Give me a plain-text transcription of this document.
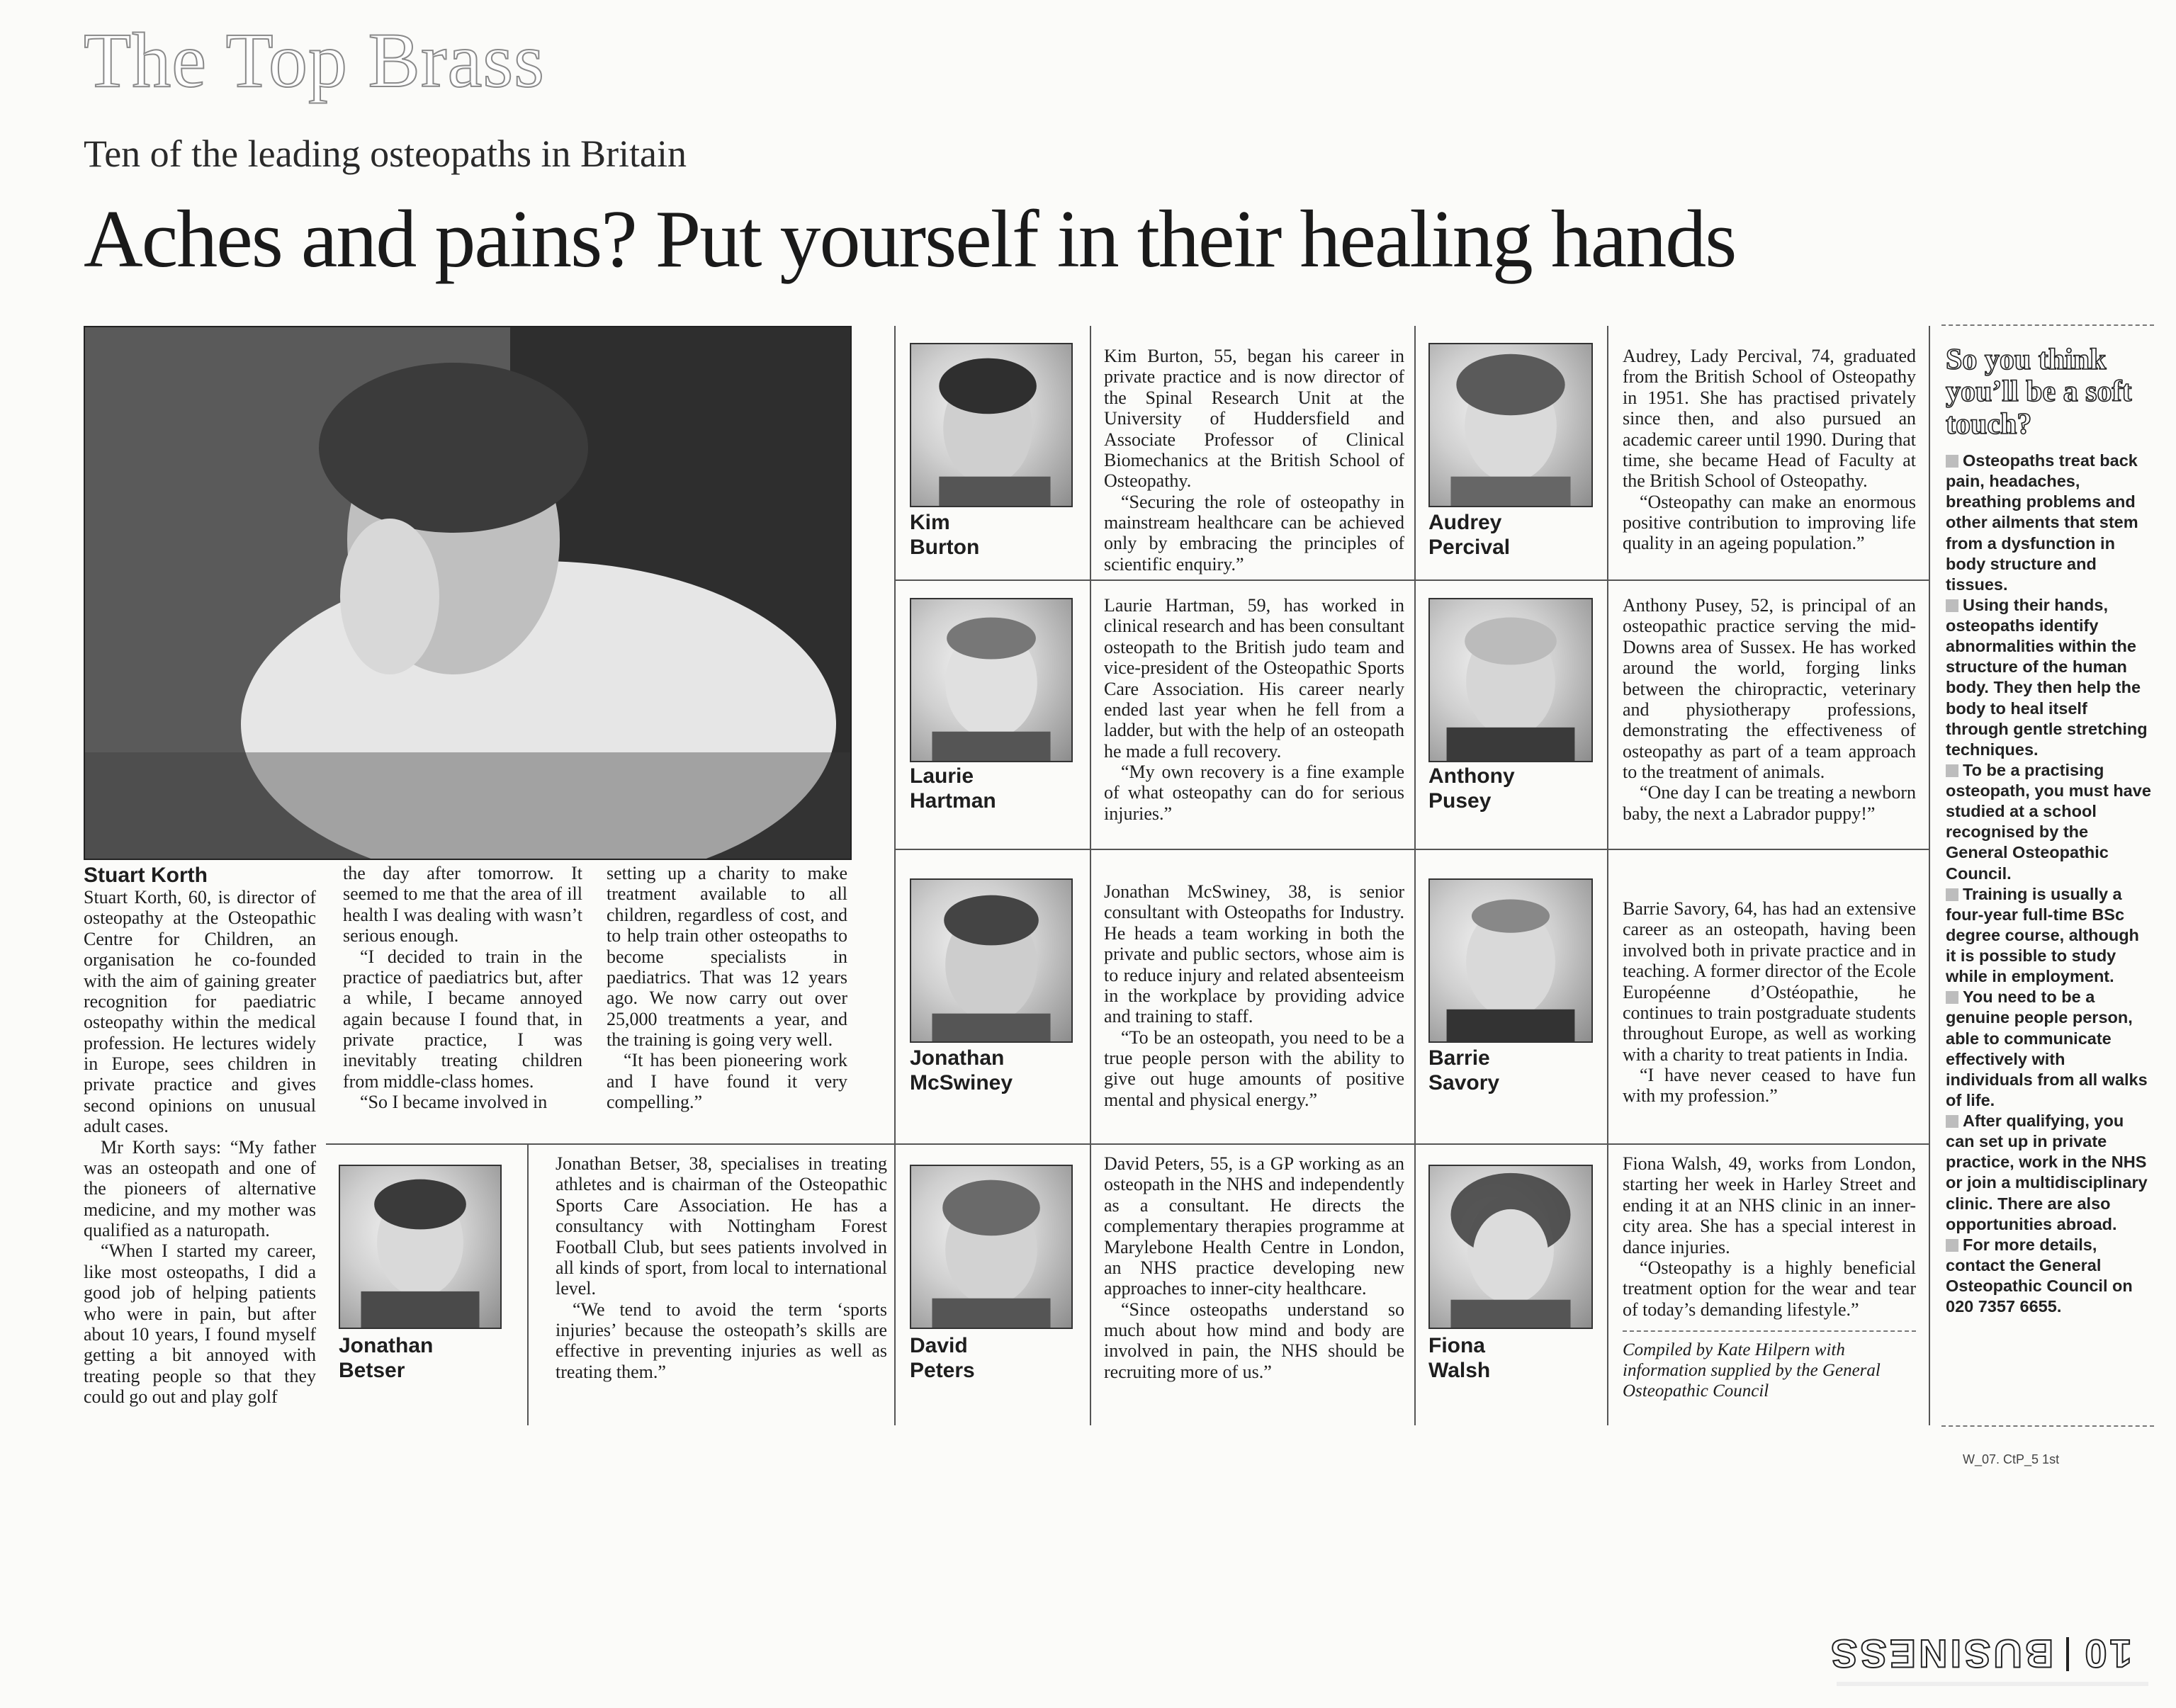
The Top Brass
Ten of the leading osteopaths in Britain
Aches and pains? Put yourself in their healing hands
Stuart Korth

Stuart Korth, 60, is director of osteopathy at the Osteopathic Centre for Children, an organisation he co-founded with the aim of gaining greater recognition for paediatric osteopathy within the medical profession. He lectures widely in Europe, sees children in private practice and gives second opinions on unusual adult cases.

Mr Korth says: “My father was an osteopath and one of the pioneers of alternative medicine, and my mother was qualified as a naturopath.

“When I started my career, like most osteopaths, I did a good job of helping patients who were in pain, but after about 10 years, I found myself getting a bit annoyed with treating people so that they could go out and play golf

the day after tomorrow. It seemed to me that the area of ill health I was dealing with wasn’t serious enough.

“I decided to train in the practice of paediatrics but, after a while, I became annoyed again because I found that, in private practice, I was inevitably treating children from middle-class homes.

“So I became involved in

setting up a charity to make treatment available to all children, regardless of cost, and to help train other osteopaths to become specialists in paediatrics. That was 12 years ago. We now carry out over 25,000 treatments a year, and the training is going very well.

“It has been pioneering work and I have found it very compelling.”

Jonathan
Betser

Jonathan Betser, 38, specialises in treating athletes and is chairman of the Osteopathic Sports Care Association. He has a consultancy with Nottingham Forest Football Club, but sees patients involved in all kinds of sport, from local to international level.

“We tend to avoid the term ‘sports injuries’ because the osteopath’s skills are effective in preventing injuries as well as treating them.”

Kim
Burton

Kim Burton, 55, began his career in private practice and is now director of the Spinal Research Unit at the University of Huddersfield and Associate Professor of Clinical Biomechanics at the British School of Osteopathy.

“Securing the role of osteopathy in mainstream healthcare can be achieved only by embracing the principles of scientific enquiry.”

Audrey
Percival

Audrey, Lady Percival, 74, graduated from the British School of Osteopathy in 1951. She has practised privately since then, and also pursued an academic career until 1990. During that time, she became Head of Faculty at the British School of Osteopathy.

“Osteopathy can make an enormous positive contribution to improving life quality in an ageing population.”

Laurie
Hartman

Laurie Hartman, 59, has worked in clinical research and has been consultant osteopath to the British judo team and vice-president of the Osteopathic Sports Care Association. His career nearly ended last year when he fell from a ladder, but with the help of an osteopath he made a full recovery.

“My own recovery is a fine example of what osteopathy can do for serious injuries.”

Anthony
Pusey

Anthony Pusey, 52, is principal of an osteopathic practice serving the mid-Downs area of Sussex. He has worked around the world, forging links between the chiropractic, veterinary and physiotherapy professions, demonstrating the effectiveness of osteopathy as part of a team approach to the treatment of animals.

“One day I can be treating a newborn baby, the next a Labrador puppy!”

Jonathan
McSwiney

Jonathan McSwiney, 38, is senior consultant with Osteopaths for Industry. He heads a team working in both the private and public sectors, whose aim is to reduce injury and related absenteeism in the workplace by providing advice and training to staff.

“To be an osteopath, you need to be a true people person with the ability to give out huge amounts of positive mental and physical energy.”

Barrie
Savory

Barrie Savory, 64, has had an extensive career as an osteopath, having been involved both in private practice and in teaching. A former director of the Ecole Européenne d’Ostéopathie, he continues to train postgraduate students throughout Europe, as well as working with a charity to treat patients in India.

“I have never ceased to have fun with my profession.”

David
Peters

David Peters, 55, is a GP working as an osteopath in the NHS and independently as a consultant. He directs the complementary therapies programme at Marylebone Health Centre in London, an NHS practice developing new approaches to inner-city healthcare.

“Since osteopaths understand so much about how mind and body are involved in pain, the NHS should be recruiting more of us.”

Fiona
Walsh

Fiona Walsh, 49, works from London, starting her week in Harley Street and ending it at an NHS clinic in an inner-city area. She has a special interest in dance injuries.

“Osteopathy is a highly beneficial treatment option for the wear and tear of today’s demanding lifestyle.”

Compiled by Kate Hilpern with information supplied by the General Osteopathic Council
So you think you’ll be a soft touch?
Osteopaths treat back pain, headaches, breathing problems and other ailments that stem from a dysfunction in body structure and tissues.
Using their hands, osteopaths identify abnormalities within the structure of the human body. They then help the body to heal itself through gentle stretching techniques.
To be a practising osteopath, you must have studied at a school recognised by the General Osteopathic Council.
Training is usually a four-year full-time BSc degree course, although it is possible to study while in employment.
You need to be a genuine people person, able to communicate effectively with individuals from all walks of life.
After qualifying, you can set up in private practice, work in the NHS or join a multidisciplinary clinic. There are also opportunities abroad.
For more details, contact the General Osteopathic Council on 020 7357 6655.
W_07. CtP_5 1st
10
BUSINESS
